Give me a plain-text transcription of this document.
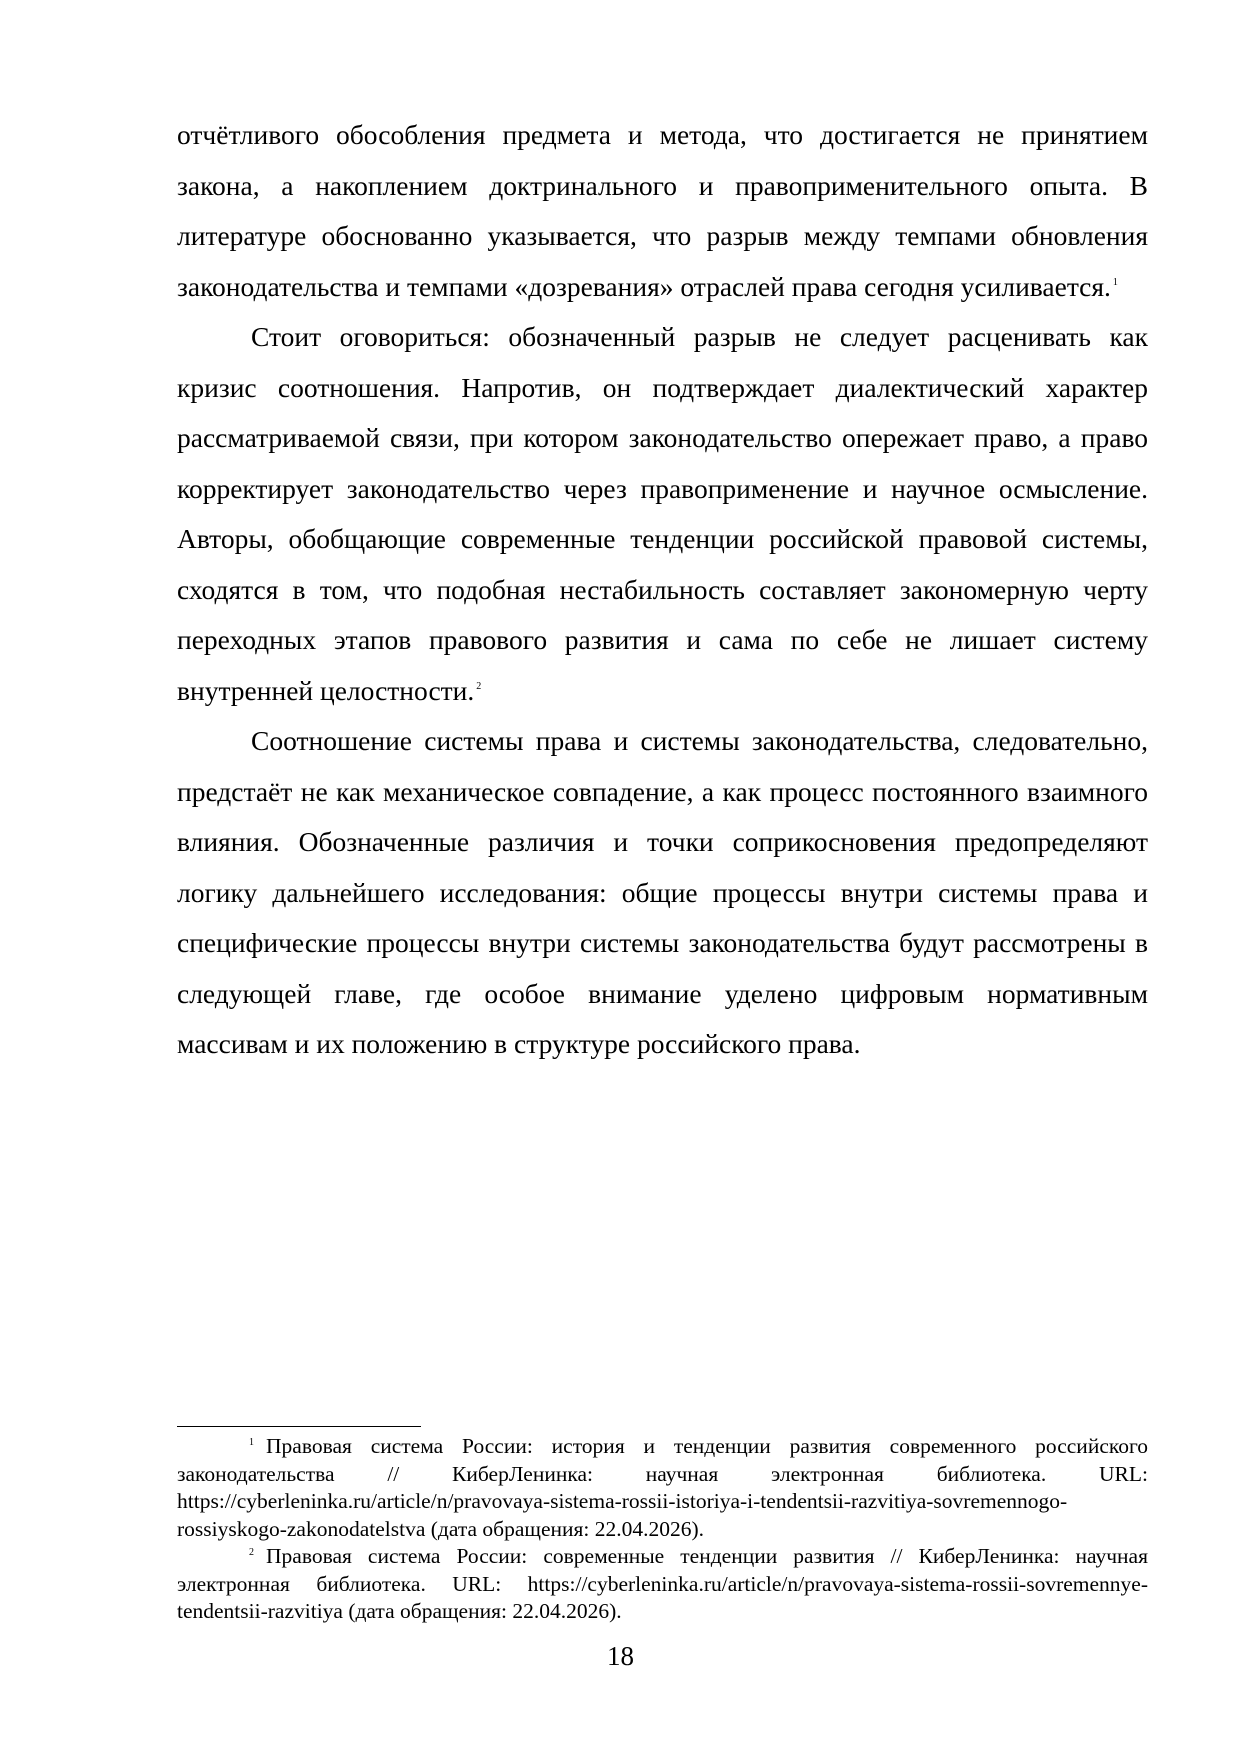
отчётливого обособления предмета и метода, что достигается не принятием закона, а накоплением доктринального и правоприменительного опыта. В литературе обоснованно указывается, что разрыв между темпами обновления законодательства и темпами «дозревания» отраслей права сегодня усиливается. $^1$

Стоит оговориться: обозначенный разрыв не следует расценивать как кризис соотношения. Напротив, он подтверждает диалектический характер рассматриваемой связи, при котором законодательство опережает право, а право корректирует законодательство через правоприменение и научное осмысление. Авторы, обобщающие современные тенденции российской правовой системы, сходятся в том, что подобная нестабильность составляет закономерную черту переходных этапов правового развития и сама по себе не лишает систему внутренней целостности. $^2$

Соотношение системы права и системы законодательства, следовательно, предстаёт не как механическое совпадение, а как процесс постоянного взаимного влияния. Обозначенные различия и точки соприкосновения предопределяют логику дальнейшего исследования: общие процессы внутри системы права и специфические процессы внутри системы законодательства будут рассмотрены в следующей главе, где особое внимание уделено цифровым нормативным массивам и их положению в структуре российского права.

$^1$ Правовая система России: история и тенденции развития современного российского законодательства // КиберЛенинка: научная электронная библиотека. URL: https://cyberleninka.ru/article/n/pravovaya-sistema-rossii-istoriya-i-tendentsii-razvitiya-sovremennogo-rossiyskogo-zakonodatelstva (дата обращения: 22.04.2026).

$^2$ Правовая система России: современные тенденции развития // КиберЛенинка: научная электронная библиотека. URL: https://cyberleninka.ru/article/n/pravovaya-sistema-rossii-sovremennye-tendentsii-razvitiya (дата обращения: 22.04.2026).

18
